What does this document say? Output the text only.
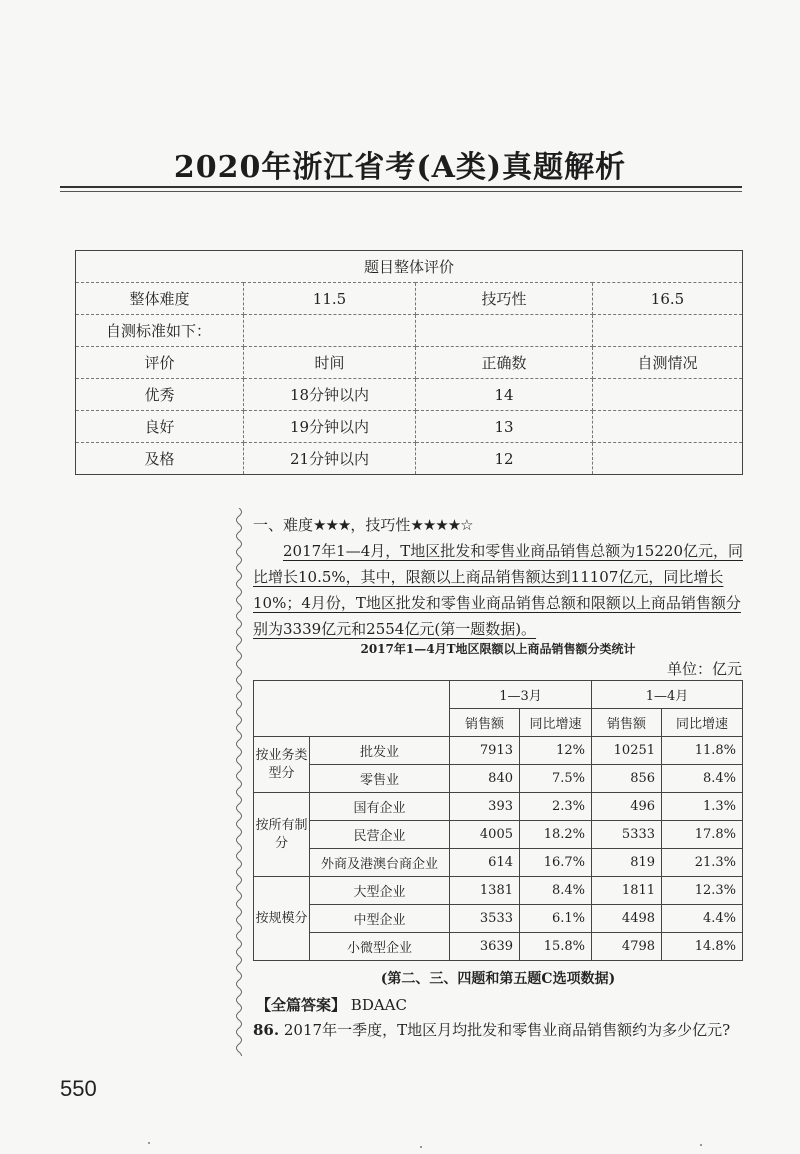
2020年浙江省考(A类)真题解析
题目整体评价			
整体难度	11.5	技巧性	16.5
自测标准如下：			
评价	时间	正确数	自测情况
优秀	18分钟以内	14	
良好	19分钟以内	13	
及格	21分钟以内	12	
一、难度★★★，技巧性★★★★☆
2017年1—4月，T地区批发和零售业商品销售总额为15220亿元，同比增长10.5%，其中，限额以上商品销售额达到11107亿元，同比增长10%；4月份，T地区批发和零售业商品销售总额和限额以上商品销售额分别为3339亿元和2554亿元(第一题数据)。
2017年1—4月T地区限额以上商品销售额分类统计
单位：亿元
		1—3月		1—4月	
		销售额	同比增速	销售额	同比增速
按业务类型分	批发业	7913	12%	10251	11.8%
	零售业	840	7.5%	856	8.4%
按所有制分	国有企业	393	2.3%	496	1.3%
	民营企业	4005	18.2%	5333	17.8%
	外商及港澳台商企业	614	16.7%	819	21.3%
按规模分	大型企业	1381	8.4%	1811	12.3%
	中型企业	3533	6.1%	4498	4.4%
	小微型企业	3639	15.8%	4798	14.8%
(第二、三、四题和第五题C选项数据)
【全篇答案】 BDAAC
86. 2017年一季度，T地区月均批发和零售业商品销售额约为多少亿元?
550
